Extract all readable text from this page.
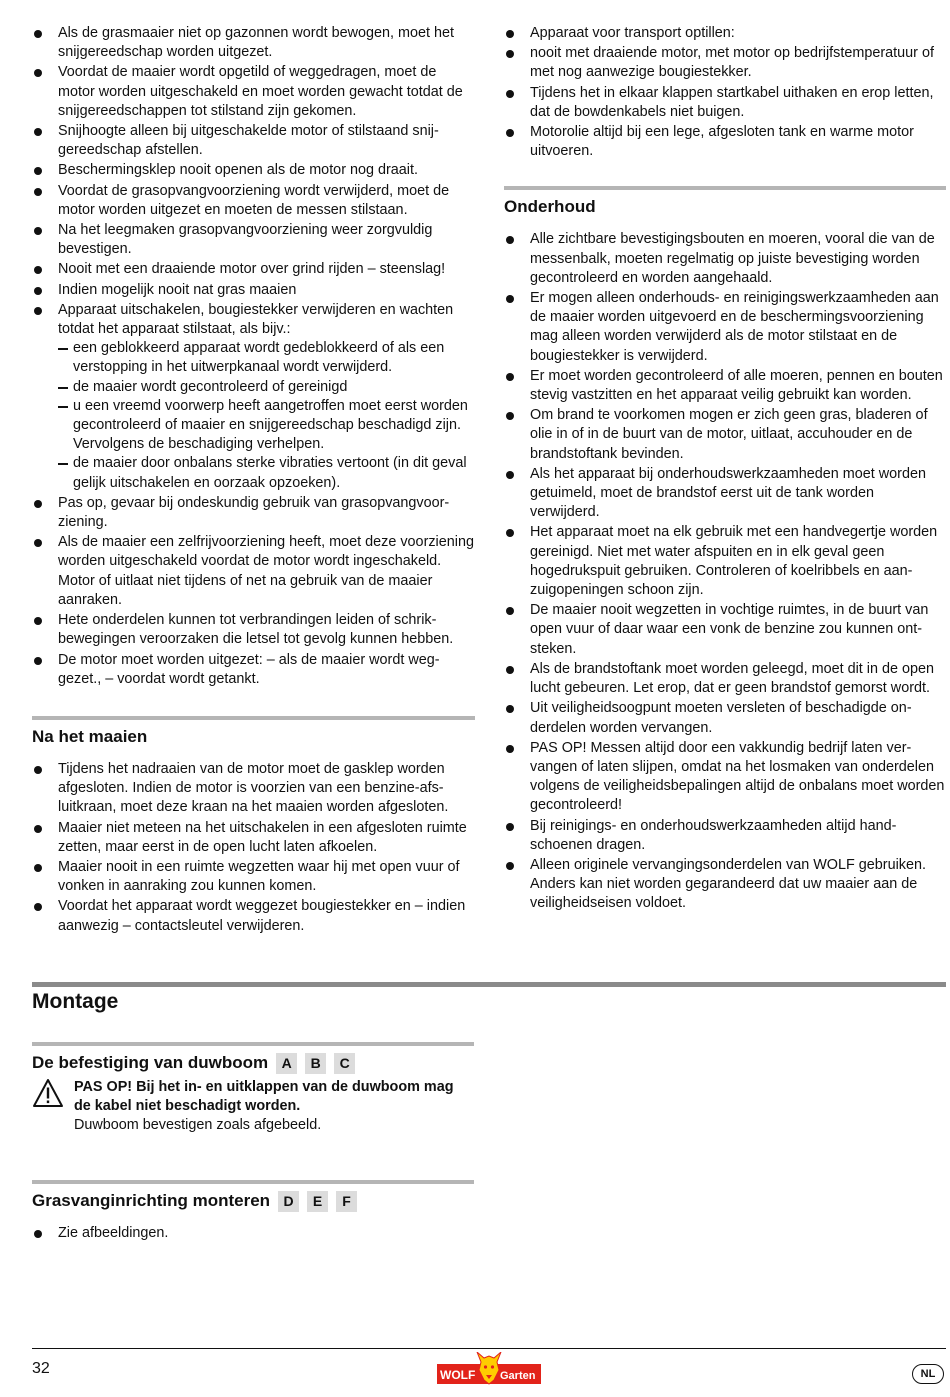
Als de grasmaaier niet op gazonnen wordt bewogen, moet het snijgereedschap worden uitgezet.
Voordat de maaier wordt opgetild of weggedragen, moet de motor worden uitgeschakeld en moet worden gewacht totdat de snijgereedschappen tot stilstand zijn gekomen.
Snijhoogte alleen bij uitgeschakelde motor of stilstaand snijgereedschap afstellen.
Beschermingsklep nooit openen als de motor nog draait.
Voordat de grasopvangvoorziening wordt verwijderd, moet de motor worden uitgezet en moeten de messen stilstaan.
Na het leegmaken grasopvangvoorziening weer zorgvuldig bevestigen.
Nooit met een draaiende motor over grind rijden – steenslag!
Indien mogelijk nooit nat gras maaien
Apparaat uitschakelen, bougiestekker verwijderen en wachten totdat het apparaat stilstaat, als bijv.:
een geblokkeerd apparaat wordt gedeblokkeerd of als een verstopping in het uitwerpkanaal wordt verwijderd.
de maaier wordt gecontroleerd of gereinigd
u een vreemd voorwerp heeft aangetroffen moet eerst worden gecontroleerd of maaier en snijgereedschap beschadigd zijn. Vervolgens de beschadiging verhelpen.
de maaier door onbalans sterke vibraties vertoont (in dit geval gelijk uitschakelen en oorzaak opzoeken).
Pas op, gevaar bij ondeskundig gebruik van grasopvangvoorziening.
Als de maaier een zelfrijvoorziening heeft, moet deze voorziening worden uitgeschakeld voordat de motor wordt ingeschakeld. Motor of uitlaat niet tijdens of net na gebruik van de maaier aanraken.
Hete onderdelen kunnen tot verbrandingen leiden of schrikbewegingen veroorzaken die letsel tot gevolg kunnen hebben.
De motor moet worden uitgezet: – als de maaier wordt weggezet., – voordat wordt getankt.
Na het maaien
Tijdens het nadraaien van de motor moet de gasklep worden afgesloten. Indien de motor is voorzien van een benzine-afsluitkraan, moet deze kraan na het maaien worden afgesloten.
Maaier niet meteen na het uitschakelen in een afgesloten ruimte zetten, maar eerst in de open lucht laten afkoelen.
Maaier nooit in een ruimte wegzetten waar hij met open vuur of vonken in aanraking zou kunnen komen.
Voordat het apparaat wordt weggezet bougiestekker en – indien aanwezig – contactsleutel verwijderen.
Apparaat voor transport optillen:
nooit met draaiende motor, met motor op bedrijfstemperatuur of met nog aanwezige bougiestekker.
Tijdens het in elkaar klappen startkabel uithaken en erop letten, dat de bowdenkabels niet buigen.
Motorolie altijd bij een lege, afgesloten tank en warme motor uitvoeren.
Onderhoud
Alle zichtbare bevestigingsbouten en moeren, vooral die van de messenbalk, moeten regelmatig op juiste bevestiging worden gecontroleerd en worden aangehaald.
Er mogen alleen onderhouds- en reinigingswerkzaamheden aan de maaier worden uitgevoerd en de beschermingsvoorziening mag alleen worden verwijderd als de motor stilstaat en de bougiestekker is verwijderd.
Er moet worden gecontroleerd of alle moeren, pennen en bouten stevig vastzitten en het apparaat veilig gebruikt kan worden.
Om brand te voorkomen mogen er zich geen gras, bladeren of olie in of in de buurt van de motor, uitlaat, accuhouder en de brandstoftank bevinden.
Als het apparaat bij onderhoudswerkzaamheden moet worden getuimeld, moet de brandstof eerst uit de tank worden verwijderd.
Het apparaat moet na elk gebruik met een handvegertje worden gereinigd. Niet met water afspuiten en in elk geval geen hogedrukspuit gebruiken. Controleren of koelribbels en aanzuigopeningen schoon zijn.
De maaier nooit wegzetten in vochtige ruimtes, in de buurt van open vuur of daar waar een vonk de benzine zou kunnen ontsteken.
Als de brandstoftank moet worden geleegd, moet dit in de open lucht gebeuren. Let erop, dat er geen brandstof gemorst wordt.
Uit veiligheidsoogpunt moeten versleten of beschadigde onderdelen worden vervangen.
PAS OP! Messen altijd door een vakkundig bedrijf laten vervangen of laten slijpen, omdat na het losmaken van onderdelen volgens de veiligheidsbepalingen altijd de onbalans moet worden gecontroleerd!
Bij reinigings- en onderhoudswerkzaamheden altijd handschoenen dragen.
Alleen originele vervangingsonderdelen van WOLF gebruiken. Anders kan niet worden gegarandeerd dat uw maaier aan de veiligheidseisen voldoet.
Montage
De befestiging van duwboom A	B	C
PAS OP! Bij het in- en uitklappen van de duwboom mag de kabel niet beschadigt worden.
Duwboom bevestigen zoals afgebeeld.
Grasvanginrichting monteren D	E	F
Zie afbeeldingen.
32	WOLF Garten	NL
